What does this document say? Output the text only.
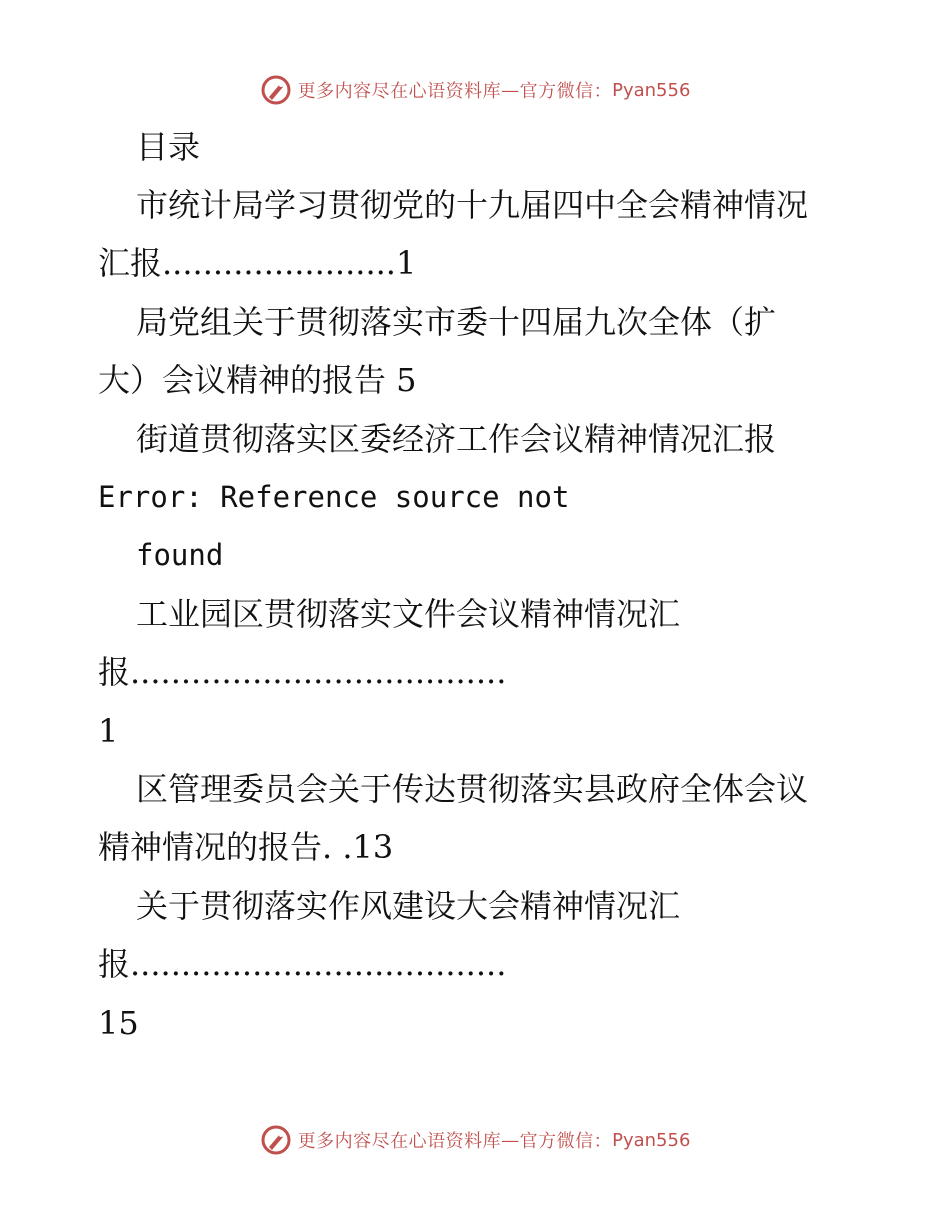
更多内容尽在心语资料库 — 官方微信： Pyan556
目录
市统计局学习贯彻党的十九届四中全会精神情况
汇报.......................1
局党组关于贯彻落实市委十四届九次全体（扩
大）会议精神的报告 5
街道贯彻落实区委经济工作会议精神情况汇报
Error: Reference source not
found
工业园区贯彻落实文件会议精神情况汇
报.....................................
1
区管理委员会关于传达贯彻落实县政府全体会议
精神情况的报告. .13
关于贯彻落实作风建设大会精神情况汇
报.....................................
15
更多内容尽在心语资料库 — 官方微信： Pyan556
